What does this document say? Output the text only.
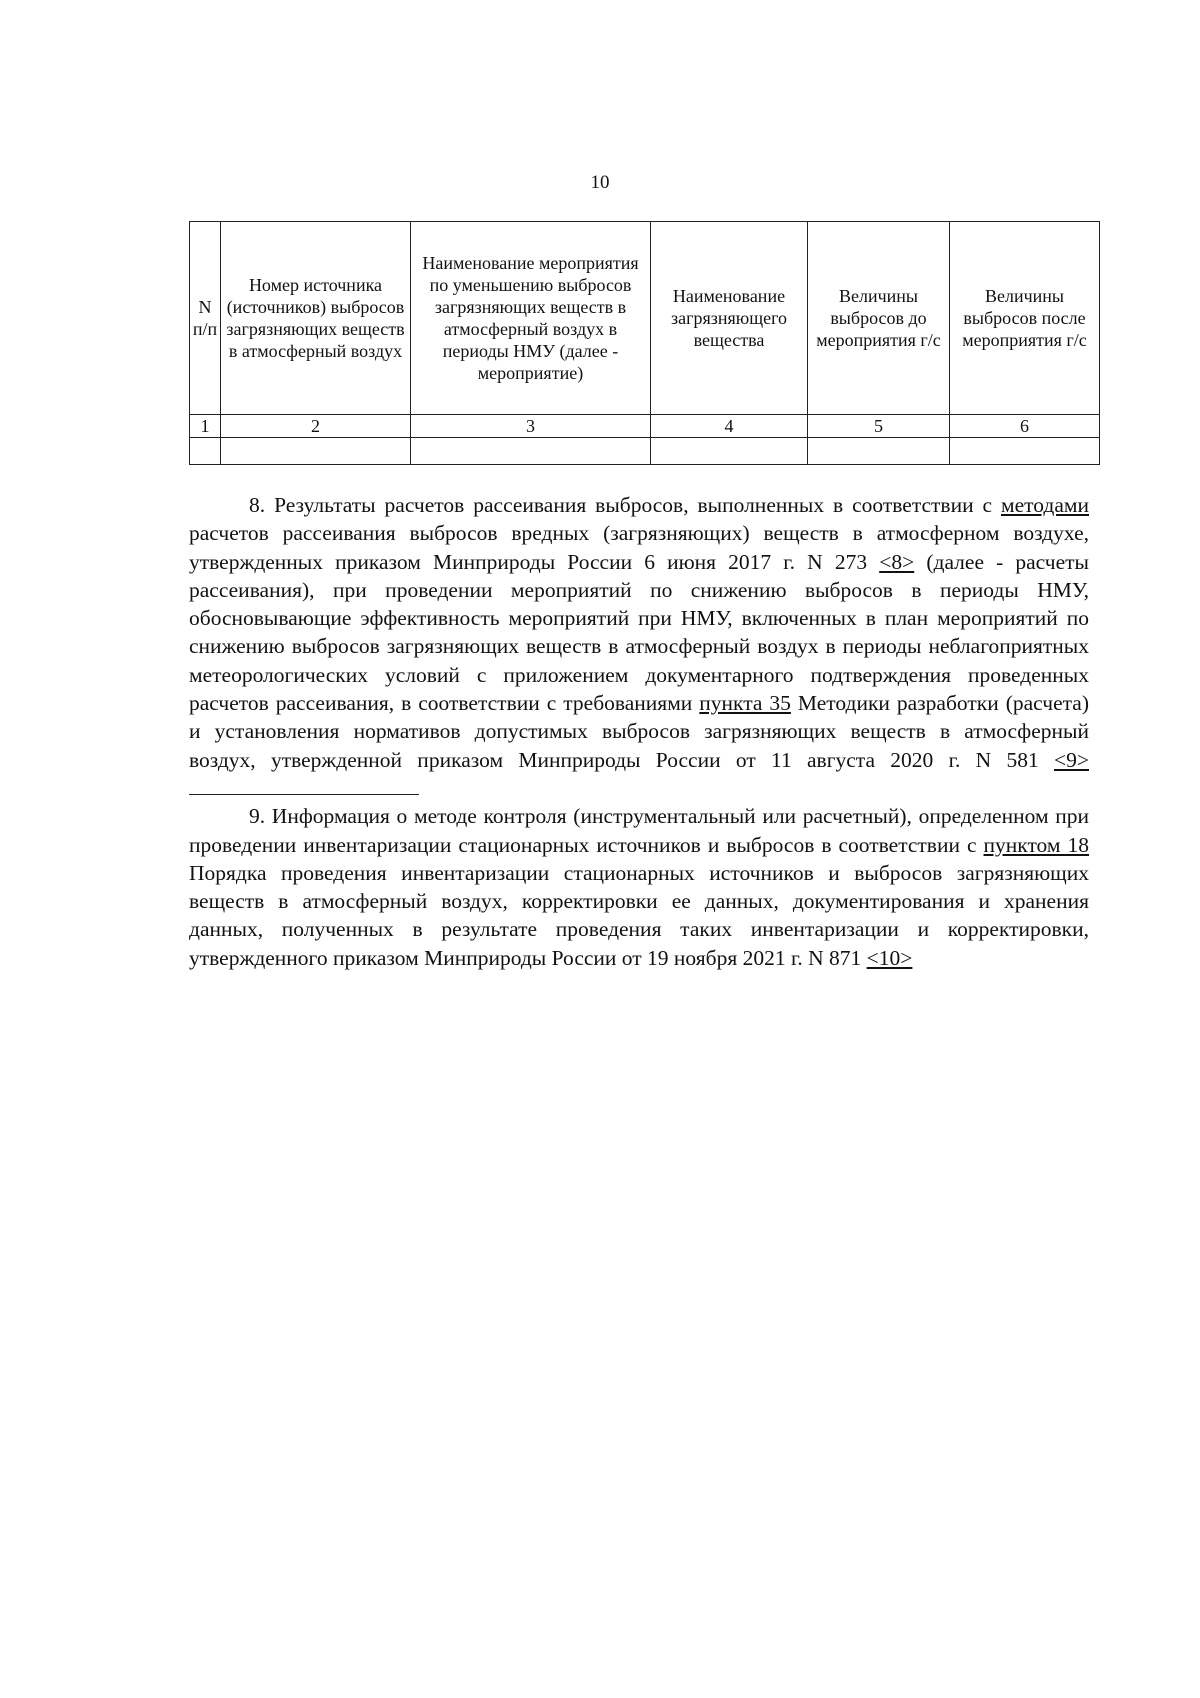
10
N п/п	Номер источника (источников) выбросов загрязняющих веществ в атмосферный воздух	Наименование мероприятия по уменьшению выбросов загрязняющих веществ в атмосферный воздух в периоды НМУ (далее - мероприятие)	Наименование загрязняющего вещества	Величины выбросов до мероприятия г/с	Величины выбросов после мероприятия г/с
1	2	3	4	5	6

8. Результаты расчетов рассеивания выбросов, выполненных в соответствии с методами расчетов рассеивания выбросов вредных (загрязняющих) веществ в атмосферном воздухе, утвержденных приказом Минприроды России 6 июня 2017 г. N 273 <8> (далее - расчеты рассеивания), при проведении мероприятий по снижению выбросов в периоды НМУ, обосновывающие эффективность мероприятий при НМУ, включенных в план мероприятий по снижению выбросов загрязняющих веществ в атмосферный воздух в периоды неблагоприятных метеорологических условий с приложением документарного подтверждения проведенных расчетов рассеивания, в соответствии с требованиями пункта 35 Методики разработки (расчета) и установления нормативов допустимых выбросов загрязняющих веществ в атмосферный воздух, утвержденной приказом Минприроды России от 11 августа 2020 г. N 581 <9>

9. Информация о методе контроля (инструментальный или расчетный), определенном при проведении инвентаризации стационарных источников и выбросов в соответствии с пунктом 18 Порядка проведения инвентаризации стационарных источников и выбросов загрязняющих веществ в атмосферный воздух, корректировки ее данных, документирования и хранения данных, полученных в результате проведения таких инвентаризации и корректировки, утвержденного приказом Минприроды России от 19 ноября 2021 г. N 871 <10>
